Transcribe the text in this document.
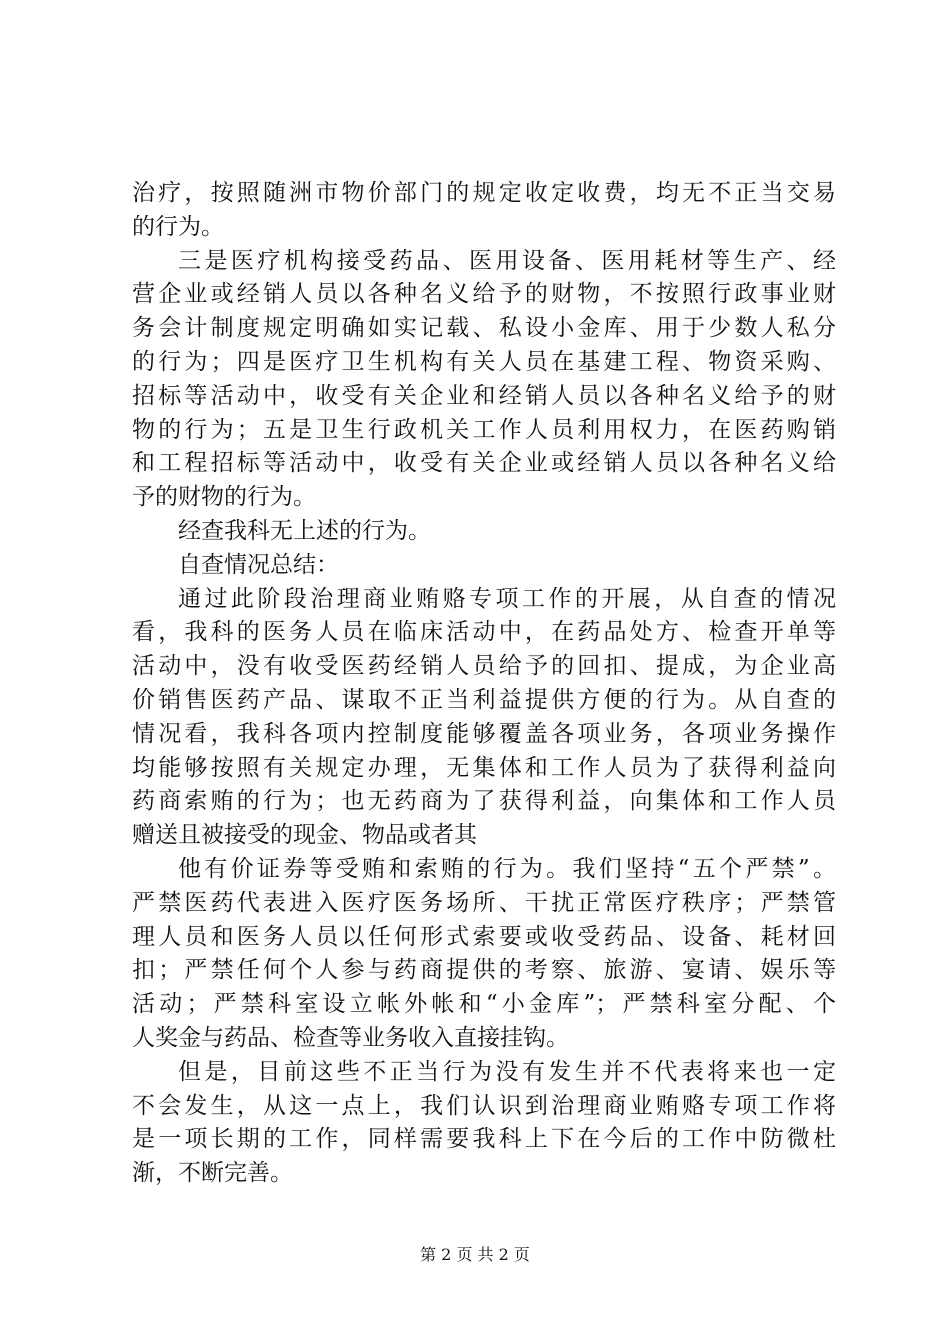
治疗，按照随洲市物价部门的规定收定收费，均无不正当交易
的行为。
三是医疗机构接受药品、医用设备、医用耗材等生产、经
营企业或经销人员以各种名义给予的财物，不按照行政事业财
务会计制度规定明确如实记载、私设小金库、用于少数人私分
的行为；四是医疗卫生机构有关人员在基建工程、物资采购、
招标等活动中，收受有关企业和经销人员以各种名义给予的财
物的行为；五是卫生行政机关工作人员利用权力，在医药购销
和工程招标等活动中，收受有关企业或经销人员以各种名义给
予的财物的行为。
经查我科无上述的行为。
自查情况总结：
通过此阶段治理商业贿赂专项工作的开展，从自查的情况
看，我科的医务人员在临床活动中，在药品处方、检查开单等
活动中，没有收受医药经销人员给予的回扣、提成，为企业高
价销售医药产品、谋取不正当利益提供方便的行为。从自查的
情况看，我科各项内控制度能够覆盖各项业务，各项业务操作
均能够按照有关规定办理，无集体和工作人员为了获得利益向
药商索贿的行为；也无药商为了获得利益，向集体和工作人员
赠送且被接受的现金、物品或者其
他有价证券等受贿和索贿的行为。我们坚持“五个严禁”。
严禁医药代表进入医疗医务场所、干扰正常医疗秩序；严禁管
理人员和医务人员以任何形式索要或收受药品、设备、耗材回
扣；严禁任何个人参与药商提供的考察、旅游、宴请、娱乐等
活动；严禁科室设立帐外帐和“小金库”；严禁科室分配、个
人奖金与药品、检查等业务收入直接挂钩。
但是，目前这些不正当行为没有发生并不代表将来也一定
不会发生，从这一点上，我们认识到治理商业贿赂专项工作将
是一项长期的工作，同样需要我科上下在今后的工作中防微杜
渐，不断完善。
第 2 页 共 2 页
